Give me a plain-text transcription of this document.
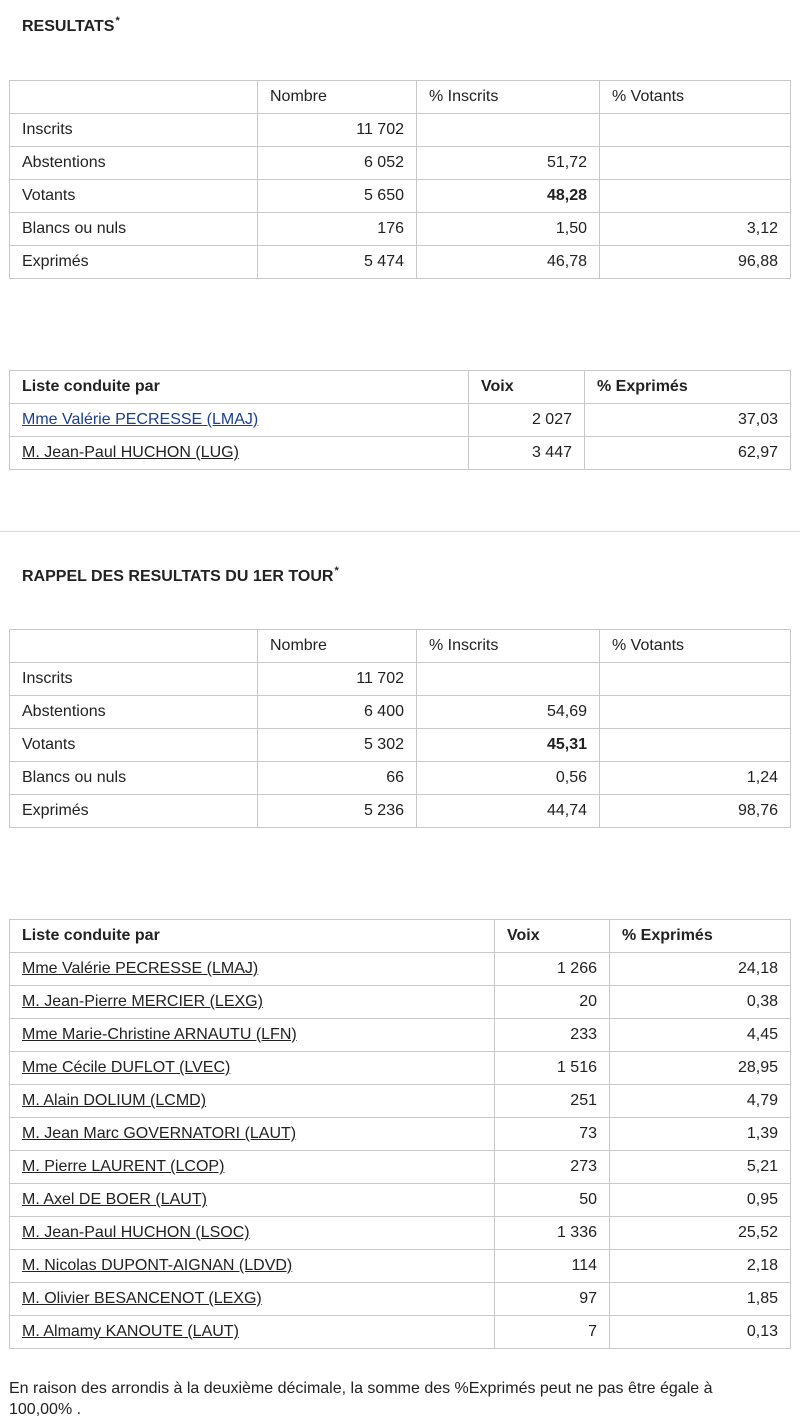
RESULTATS*
	Nombre	% Inscrits	% Votants
Inscrits	11 702		
Abstentions	6 052	51,72	
Votants	5 650	48,28	
Blancs ou nuls	176	1,50	3,12
Exprimés	5 474	46,78	96,88
Liste conduite par	Voix	% Exprimés
Mme Valérie PECRESSE (LMAJ)	2 027	37,03
M. Jean-Paul HUCHON (LUG)	3 447	62,97
RAPPEL DES RESULTATS DU 1ER TOUR*
	Nombre	% Inscrits	% Votants
Inscrits	11 702		
Abstentions	6 400	54,69	
Votants	5 302	45,31	
Blancs ou nuls	66	0,56	1,24
Exprimés	5 236	44,74	98,76
Liste conduite par	Voix	% Exprimés
Mme Valérie PECRESSE (LMAJ)	1 266	24,18
M. Jean-Pierre MERCIER (LEXG)	20	0,38
Mme Marie-Christine ARNAUTU (LFN)	233	4,45
Mme Cécile DUFLOT (LVEC)	1 516	28,95
M. Alain DOLIUM (LCMD)	251	4,79
M. Jean Marc GOVERNATORI (LAUT)	73	1,39
M. Pierre LAURENT (LCOP)	273	5,21
M. Axel DE BOER (LAUT)	50	0,95
M. Jean-Paul HUCHON (LSOC)	1 336	25,52
M. Nicolas DUPONT-AIGNAN (LDVD)	114	2,18
M. Olivier BESANCENOT (LEXG)	97	1,85
M. Almamy KANOUTE (LAUT)	7	0,13

En raison des arrondis à la deuxième décimale, la somme des %Exprimés peut ne pas être égale à 100,00% .
